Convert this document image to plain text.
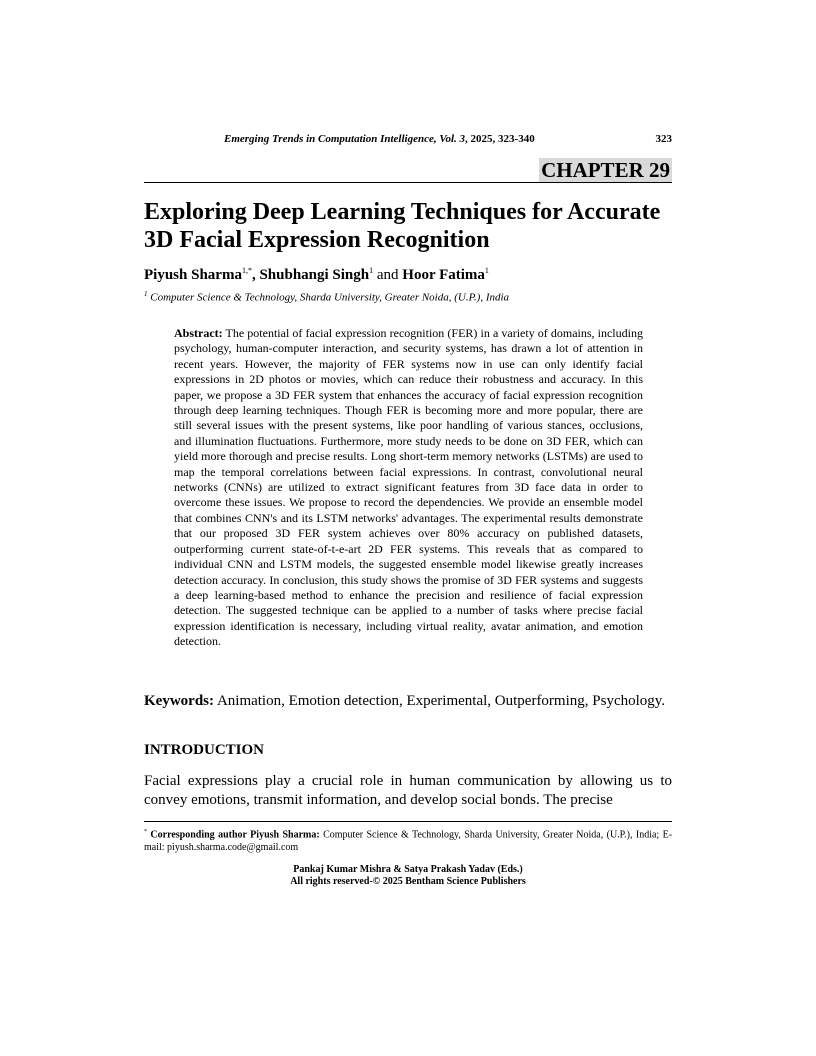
Emerging Trends in Computation Intelligence, Vol. 3, 2025, 323-340	323
CHAPTER 29
Exploring Deep Learning Techniques for Accurate 3D Facial Expression Recognition
Piyush Sharma$^{1,*}$, Shubhangi Singh$^1$ and Hoor Fatima$^1$
$^1$ Computer Science & Technology, Sharda University, Greater Noida, (U.P.), India
Abstract: The potential of facial expression recognition (FER) in a variety of domains, including psychology, human-computer interaction, and security systems, has drawn a lot of attention in recent years. However, the majority of FER systems now in use can only identify facial expressions in 2D photos or movies, which can reduce their robustness and accuracy. In this paper, we propose a 3D FER system that enhances the accuracy of facial expression recognition through deep learning techniques. Though FER is becoming more and more popular, there are still several issues with the present systems, like poor handling of various stances, occlusions, and illumination fluctuations. Furthermore, more study needs to be done on 3D FER, which can yield more thorough and precise results. Long short-term memory networks (LSTMs) are used to map the temporal correlations between facial expressions. In contrast, convolutional neural networks (CNNs) are utilized to extract significant features from 3D face data in order to overcome these issues. We propose to record the dependencies. We provide an ensemble model that combines CNN's and its LSTM networks' advantages. The experimental results demonstrate that our proposed 3D FER system achieves over 80% accuracy on published datasets, outperforming current state-of-t-e-art 2D FER systems. This reveals that as compared to individual CNN and LSTM models, the suggested ensemble model likewise greatly increases detection accuracy. In conclusion, this study shows the promise of 3D FER systems and suggests a deep learning-based method to enhance the precision and resilience of facial expression detection. The suggested technique can be applied to a number of tasks where precise facial expression identification is necessary, including virtual reality, avatar animation, and emotion detection.
Keywords: Animation, Emotion detection, Experimental, Outperforming, Psychology.
INTRODUCTION
Facial expressions play a crucial role in human communication by allowing us to convey emotions, transmit information, and develop social bonds. The precise
* Corresponding author Piyush Sharma: Computer Science & Technology, Sharda University, Greater Noida, (U.P.), India; E-mail: piyush.sharma.code@gmail.com
Pankaj Kumar Mishra & Satya Prakash Yadav (Eds.)
All rights reserved-© 2025 Bentham Science Publishers
